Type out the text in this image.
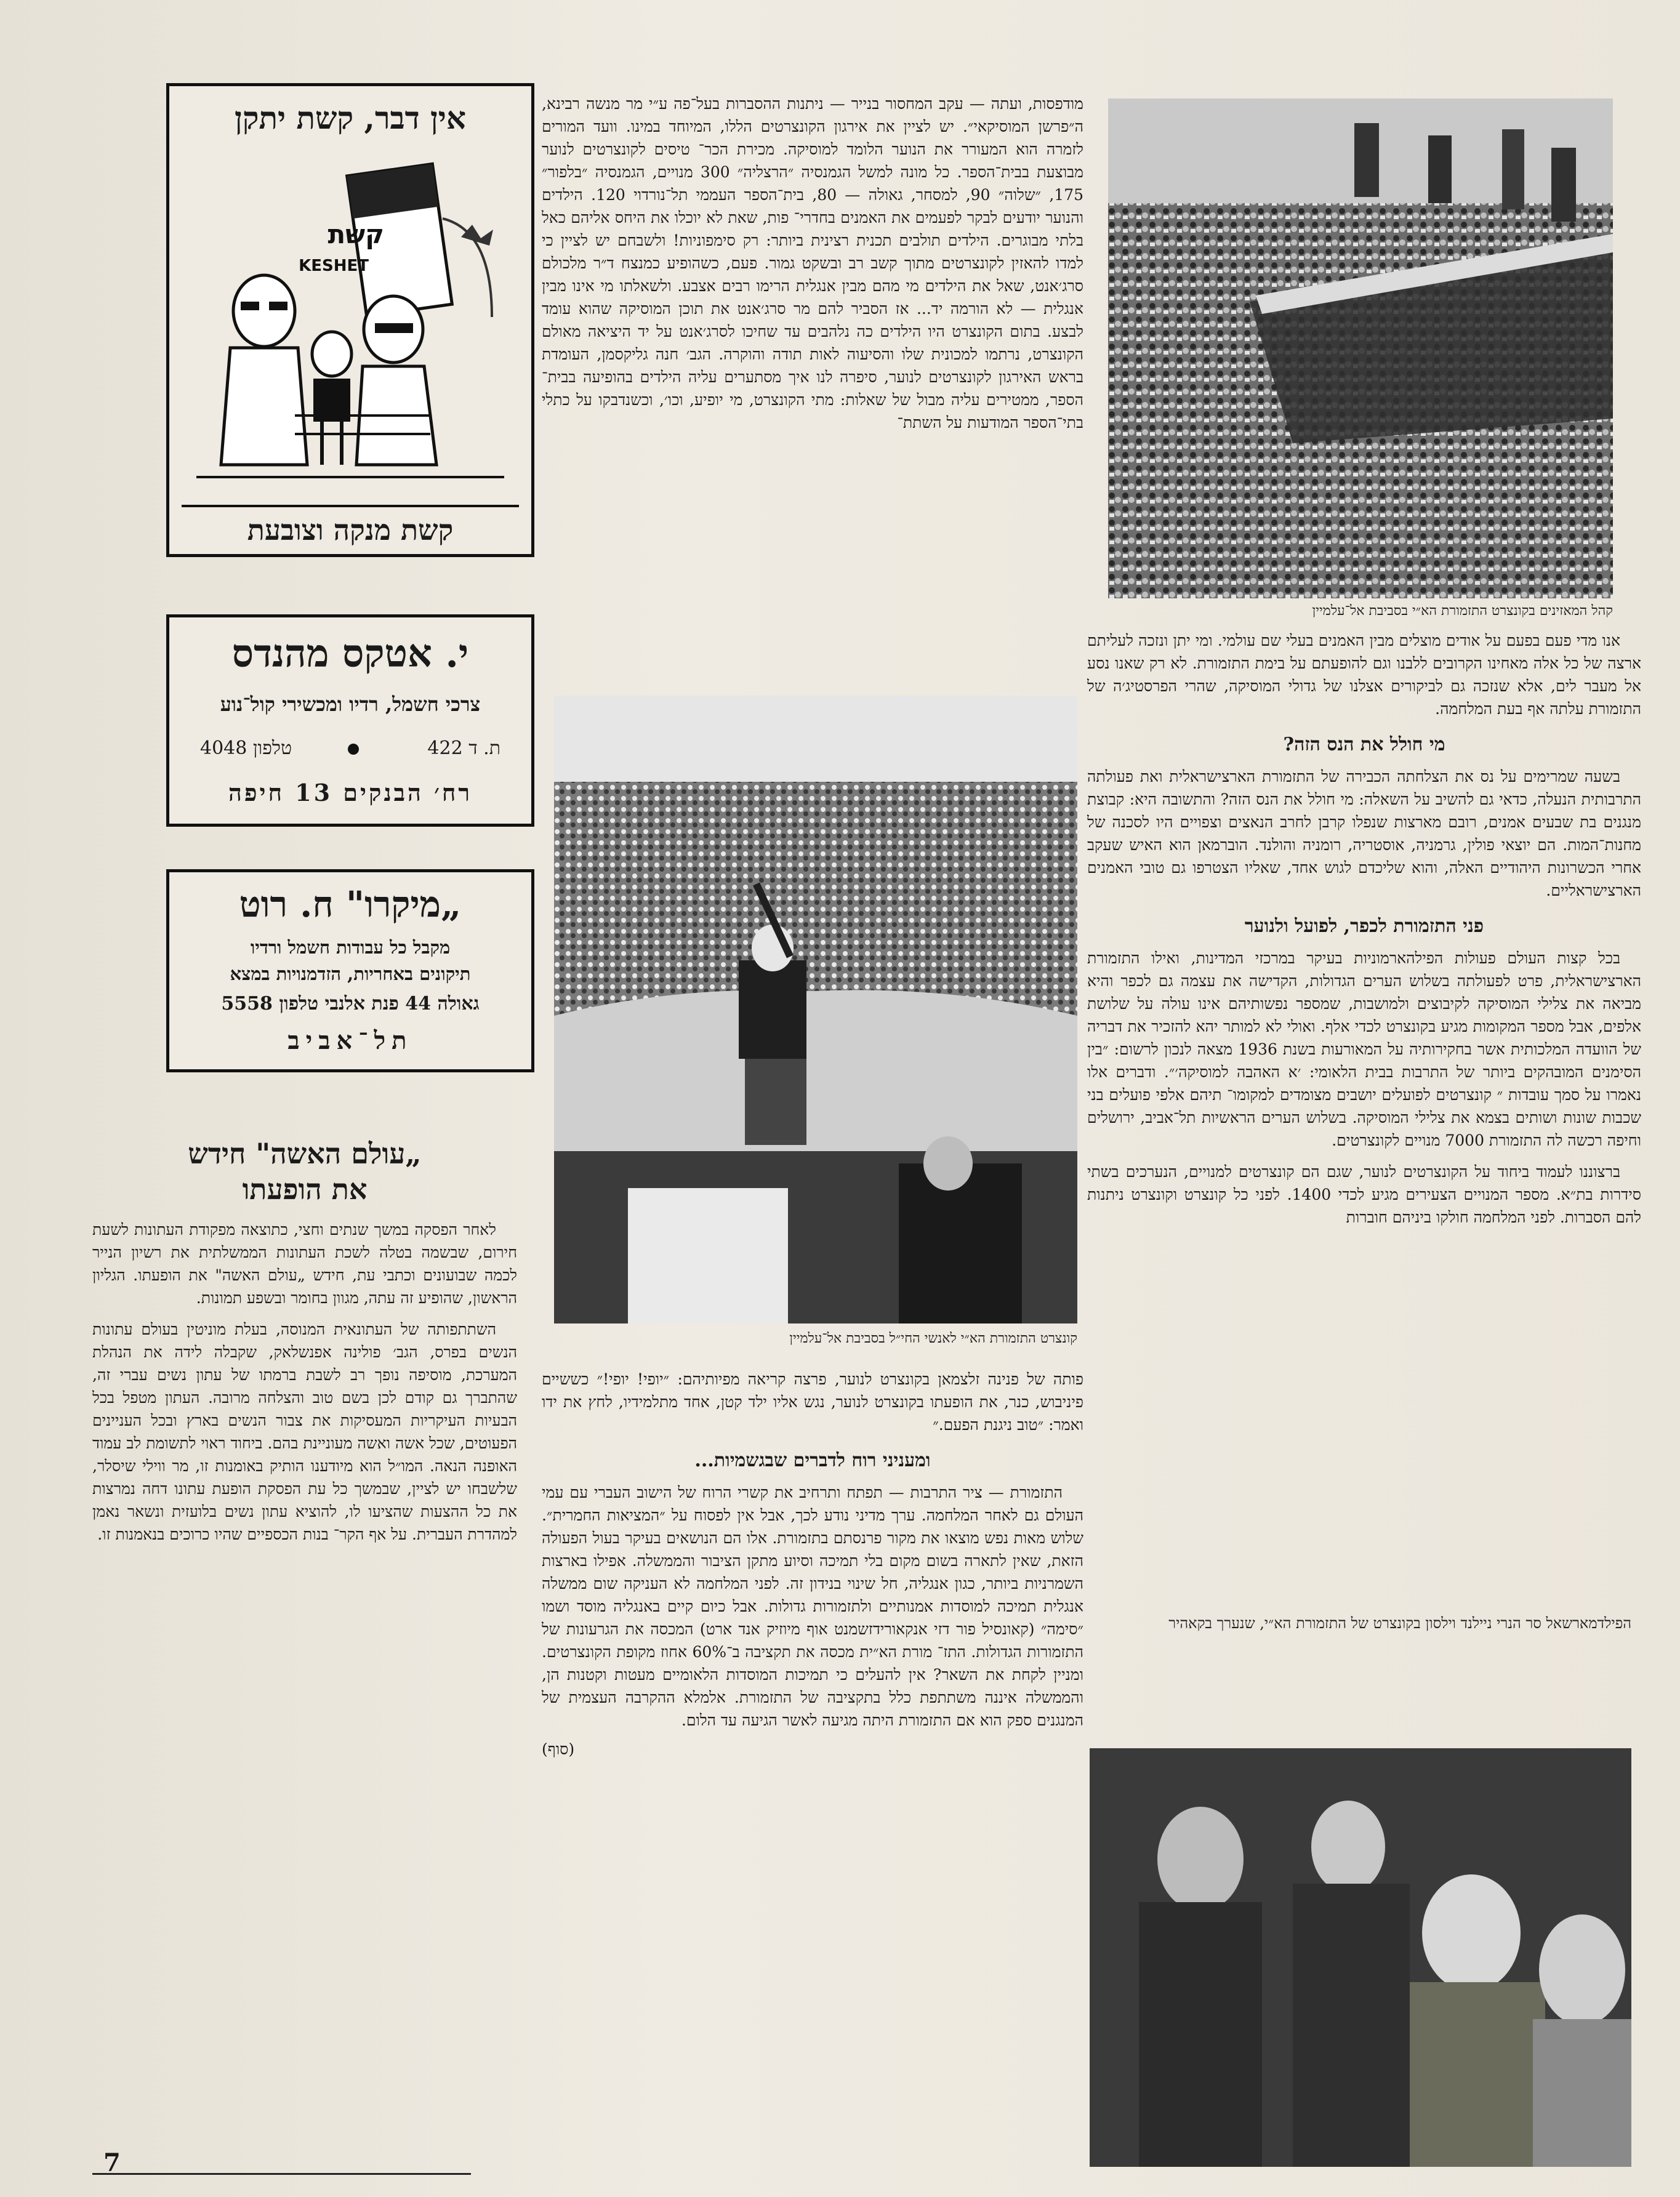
קהל המאזינים בקונצרט התזמורת הא״י בסביבת אל־עלמיין

אנו מדי פעם בפעם על אודים מוצלים מבין האמנים בעלי שם עולמי. ומי יתן ונזכה לעליתם ארצה של כל אלה מאחינו הקרובים ללבנו וגם להופעתם על בימת התזמורת. לא רק שאנו נסע אל מעבר לים, אלא שנזכה גם לביקורים אצלנו של גדולי המוסיקה, שהרי הפרסטיג׳ה של התזמורת עלתה אף בעת המלחמה.

מי חולל את הנס הזה?

בשעה שמרימים על נס את הצלחתה הכבירה של התזמורת הארצישראלית ואת פעולתה התרבותית הנעלה, כדאי גם להשיב על השאלה: מי חולל את הנס הזה? והתשובה היא: קבוצת מנגנים בת שבעים אמנים, רובם מארצות שנפלו קרבן לחרב הנאצים וצפויים היו לסכנה של מחנות־המות. הם יוצאי פולין, גרמניה, אוסטריה, רומניה והולנד. הוברמאן הוא האיש שעקב אחרי הכשרונות היהודיים האלה, והוא שליכדם לגוש אחד, שאליו הצטרפו גם טובי האמנים הארצישראליים.

פני התזמורת לכפר, לפועל ולנוער

בכל קצות העולם פעולות הפילהארמוניות בעיקר במרכזי המדינות, ואילו התזמורת הארצישראלית, פרט לפעולתה בשלוש הערים הגדולות, הקדישה את עצמה גם לכפר והיא מביאה את צלילי המוסיקה לקיבוצים ולמושבות, שמספר נפשותיהם אינו עולה על שלושת אלפים, אבל מספר המקומות מגיע בקונצרט לכדי אלף. ואולי לא למותר יהא להזכיר את דבריה של הוועדה המלכותית אשר בחקירותיה על המאורעות בשנת 1936 מצאה לנכון לרשום: ״בין הסימנים המובהקים ביותר של התרבות בבית הלאומי: ׳א האהבה למוסיקה׳״. ודברים אלו נאמרו על סמך עובדות ״ קונצרטים לפועלים יושבים מצומדים למקומו־ תיהם אלפי פועלים בני שכבות שונות ושותים בצמא את צלילי המוסיקה. בשלוש הערים הראשיות תל־אביב, ירושלים וחיפה רכשה לה התזמורת 7000 מנויים לקונצרטים.

ברצוננו לעמוד ביחוד על הקונצרטים לנוער, שגם הם קונצרטים למנויים, הנערכים בשתי סידרות בת״א. מספר המנויים הצעירים מגיע לכדי 1400. לפני כל קונצרט וקונצרט ניתנות להם הסברות. לפני המלחמה חולקו ביניהם חוברות

הפילדמארשאל סר הנרי ניילנד וילסון בקונצרט של התזמורת הא״י, שנערך בקאהיר

מודפסות, ועתה — עקב המחסור בנייר — ניתנות ההסברות בעל־פה ע״י מר מנשה רבינא, ה״פרשן המוסיקאי״. יש לציין את אירגון הקונצרטים הללו, המיוחד במינו. וועד המורים לזמרה הוא המעורר את הנוער הלומד למוסיקה. מכירת הכר־ טיסים לקונצרטים לנוער מבוצעת בבית־הספר. כל מונה למשל הגמנסיה ״הרצליה״ 300 מנויים, הגמנסיה ״בלפור״ 175, ״שלוה״ 90, למסחר, גאולה — 80, בית־הספר העממי תל־נורדוי 120. הילדים והנוער יודעים לבקר לפעמים את האמנים בחדרי־ פות, שאת לא יוכלו את היחס אליהם כאל בלתי מבוגרים. הילדים תולבים תכנית רצינית ביותר: רק סימפוניות! ולשבחם יש לציין כי למדו להאזין לקונצרטים מתוך קשב רב ובשקט גמור. פעם, כשהופיע כמנצח ד״ר מלכולם סרג׳אנט, שאל את הילדים מי מהם מבין אנגלית הרימו רבים אצבע. ולשאלתו מי אינו מבין אנגלית — לא הורמה יד... אז הסביר להם מר סרג׳אנט את תוכן המוסיקה שהוא עומד לבצע. בתום הקונצרט היו הילדים כה נלהבים עד שחיכו לסרג׳אנט על יד היציאה מאולם הקונצרט, נרתמו למכונית שלו והסיעוה לאות תודה והוקרה. הגב׳ חנה גליקסמן, העומדת בראש האירגון לקונצרטים לנוער, סיפרה לנו איך מסתערים עליה הילדים בהופיעה בבית־ הספר, ממטירים עליה מבול של שאלות: מתי הקונצרט, מי יופיע, וכו׳, וכשנדבקו על כתלי בתי־הספר המודעות על השתת־

קונצרט התזמורת הא״י לאנשי החי״ל בסביבת אל־עלמיין

פותה של פנינה זלצמאן בקונצרט לנוער, פרצה קריאה מפיותיהם: ״יופי! יופי!״ כששיים פיניבוש, כנר, את הופעתו בקונצרט לנוער, נגש אליו ילד קטן, אחד מתלמידיו, לחץ את ידו ואמר: ״טוב ניגנת הפעם.״

ומעניני רוח לדברים שבגשמיות...

התזמורת — ציר התרבות — תפתח ותרחיב את קשרי הרוח של הישוב העברי עם עמי העולם גם לאחר המלחמה. ערך מדיני נודע לכך, אבל אין לפסוח על ״המציאות החמרית״. שלוש מאות נפש מוצאו את מקור פרנסתם בתזמורת. אלו הם הנושאים בעיקר בעול הפעולה הזאת, שאין לתארה בשום מקום בלי תמיכה וסיוע מתקן הציבור והממשלה. אפילו בארצות השמרניות ביותר, כגון אנגליה, חל שינוי בנידון זה. לפני המלחמה לא העניקה שום ממשלה אנגלית תמיכה למוסדות אמנותיים ולתזמורות גדולות. אבל כיום קיים באנגליה מוסד ושמו ״סימה״ (קאונסיל פור דזי אנקאורידזשמנט אוף מיוזיק אנד ארט) המכסה את הגרעונות של התזמורות הגדולות. התז־ מורת הא״ית מכסה את תקציבה ב־60% אחוז מקופת הקונצרטים. ומניין לקחת את השאר? אין להעלים כי תמיכות המוסדות הלאומיים מעטות וקטנות הן, והממשלה איננה משתתפת כלל בתקציבה של התזמורת. אלמלא ההקרבה העצמית של המנגנים ספק הוא אם התזמורת היתה מגיעה לאשר הגיעה עד הלום.

(סוף)
אין דבר, קשת יתקן
קשת
KESHET
קשת מנקה וצובעת
י. אטקס מהנדס
צרכי חשמל, רדיו ומכשירי קול־נוע
ת. ד 422
טלפון 4048
רח׳ הבנקים 13 חיפה
„מיקרו" ח. רוט
מקבל כל עבודות חשמל ורדיו
תיקונים באחריות, הזדמנויות במצא
גאולה 44 פנת אלנבי טלפון 5558
תל־אביב
„עולם האשה" חידש
את הופעתו

לאחר הפסקה במשך שנתים וחצי, כתוצאה מפקודת העתונות לשעת חירום, שבשמה בטלה לשכת העתונות הממשלתית את רשיון הנייר לכמה שבועונים וכתבי עת, חידש „עולם האשה" את הופעתו. הגליון הראשון, שהופיע זה עתה, מגוון בחומר ובשפע תמונות.

השתתפותה של העתונאית המנוסה, בעלת מוניטין בעולם עתונות הנשים בפרס, הגב׳ פולינה אפנשלאק, שקבלה לידה את הנהלת המערכת, מוסיפה נופך רב לשבת ברמתו של עתון נשים עברי זה, שהתברך גם קודם לכן בשם טוב והצלחה מרובה. העתון מטפל בכל הבעיות העיקריות המעסיקות את צבור הנשים בארץ ובכל העניינים הפעוטים, שכל אשה ואשה מעוניינת בהם. ביחוד ראוי לתשומת לב עמוד האופנה הנאה. המו״ל הוא מיודענו הותיק באומנות זו, מר ווילי שיסלר, שלשבחו יש לציין, שבמשך כל עת הפסקת הופעת עתונו דחה נמרצות את כל ההצעות שהציעו לו, להוציא עתון נשים בלועזית ונשאר נאמן למהדרת העברית. על אף הקר־ בנות הכספיים שהיו כרוכים בנאמנות זו.

7
